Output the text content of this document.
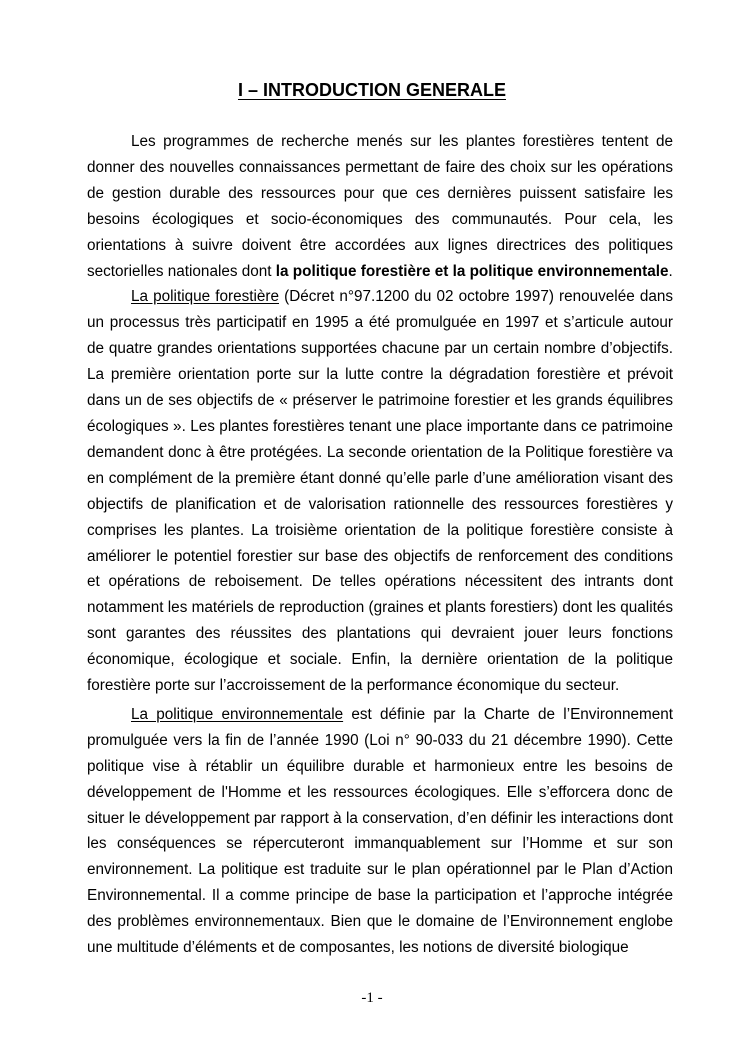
I – INTRODUCTION GENERALE

Les programmes de recherche menés sur les plantes forestières tentent de donner des nouvelles connaissances permettant de faire des choix sur les opérations de gestion durable des ressources pour que ces dernières puissent satisfaire les besoins écologiques et socio-économiques des communautés. Pour cela, les orientations à suivre doivent être accordées aux lignes directrices des politiques sectorielles nationales dont la politique forestière et la politique environnementale.

La politique forestière (Décret n°97.1200 du 02 octobre 1997) renouvelée dans un processus très participatif en 1995 a été promulguée en 1997 et s’articule autour de quatre grandes orientations supportées chacune par un certain nombre d’objectifs. La première orientation porte sur la lutte contre la dégradation forestière et prévoit dans un de ses objectifs de « préserver le patrimoine forestier et les grands équilibres écologiques ». Les plantes forestières tenant une place importante dans ce patrimoine demandent donc à être protégées. La seconde orientation de la Politique forestière va en complément de la première étant donné qu’elle parle d’une amélioration visant des objectifs de planification et de valorisation rationnelle des ressources forestières y comprises les plantes. La troisième orientation de la politique forestière consiste à améliorer le potentiel forestier sur base des objectifs de renforcement des conditions et opérations de reboisement. De telles opérations nécessitent des intrants dont notamment les matériels de reproduction (graines et plants forestiers) dont les qualités sont garantes des réussites des plantations qui devraient jouer leurs fonctions économique, écologique et sociale. Enfin, la dernière orientation de la politique forestière porte sur l’accroissement de la performance économique du secteur.

La politique environnementale est définie par la Charte de l’Environnement promulguée vers la fin de l’année 1990 (Loi n° 90-033 du 21 décembre 1990). Cette politique vise à rétablir un équilibre durable et harmonieux entre les besoins de développement de l'Homme et les ressources écologiques. Elle s’efforcera donc de situer le développement par rapport à la conservation, d’en définir les interactions dont les conséquences se répercuteront immanquablement sur l’Homme et sur son environnement. La politique est traduite sur le plan opérationnel par le Plan d’Action Environnemental. Il a comme principe de base la participation et l’approche intégrée des problèmes environnementaux. Bien que le domaine de l’Environnement englobe une multitude d’éléments et de composantes, les notions de diversité biologique

-1 -
